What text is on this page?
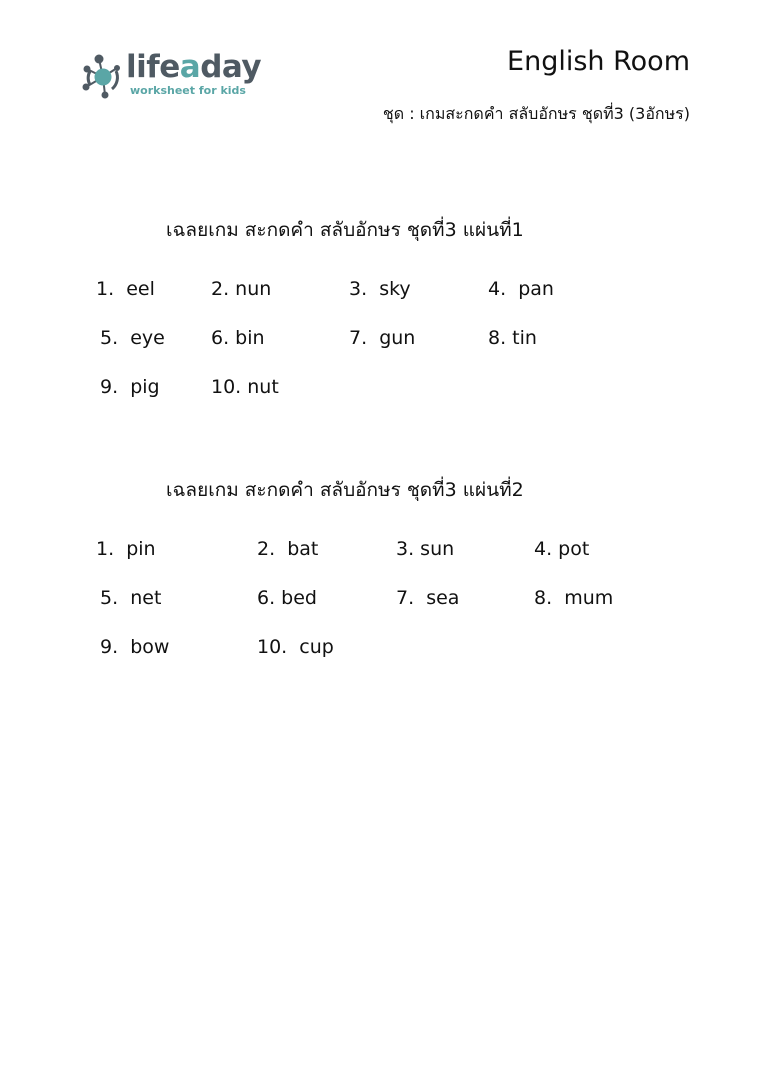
lifeaday
worksheet for kids
English Room
ชุด : เกมสะกดคำ สลับอักษร ชุดที่3 (3อักษร)
เฉลยเกม สะกดคำ สลับอักษร ชุดที่3 แผ่นที่1
1.  eel	2. nun	3.  sky	4.  pan
5.  eye 6. bin	7.  gun	8. tin
9.  pig	10. nut
เฉลยเกม สะกดคำ สลับอักษร ชุดที่3 แผ่นที่2
1.  pin	2.  bat	3. sun	4. pot
5.  net	6. bed	7.  sea	8.  mum
9.  bow	10.  cup
